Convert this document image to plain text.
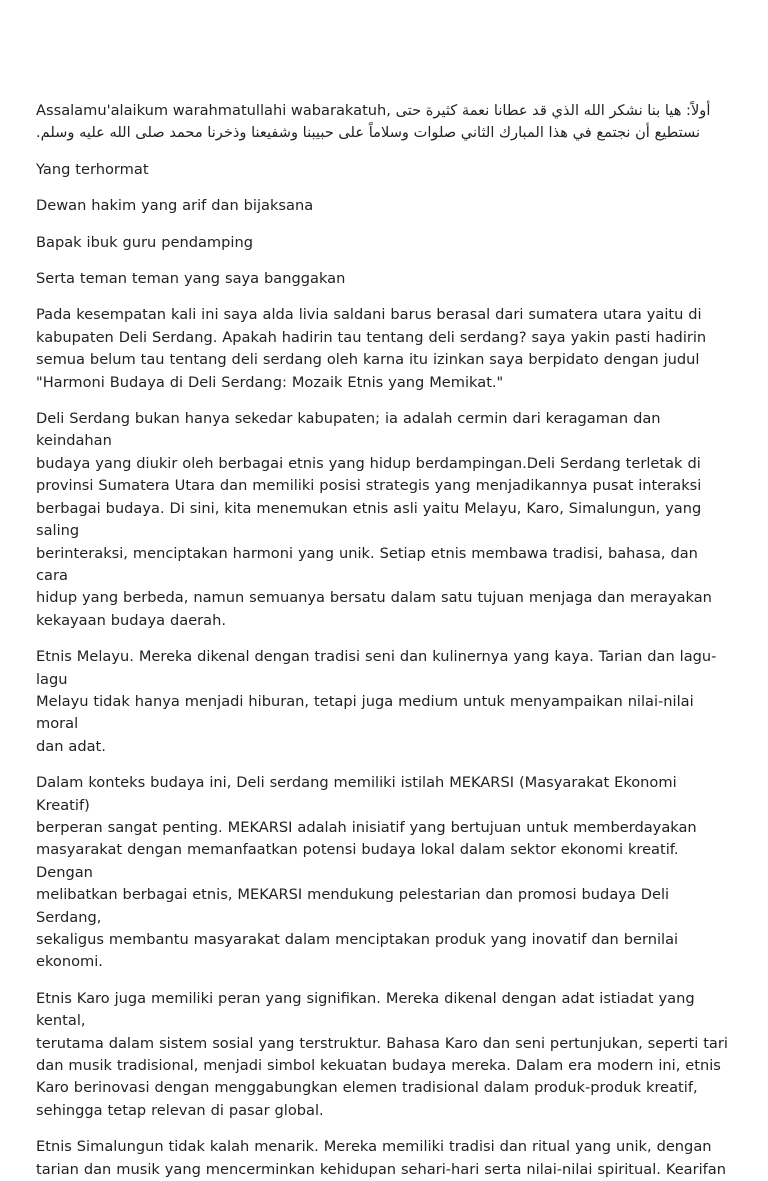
Assalamu'alaikum warahmatullahi wabarakatuh, أولاً: هيا بنا نشكر الله الذي قد عطانا نعمة كثيرة حتى
نستطيع أن نجتمع في هذا المبارك الثاني صلوات وسلاماً على حبيبنا وشفيعنا وذخرنا محمد صلى الله عليه وسلم.

Yang terhormat

Dewan hakim yang arif dan bijaksana

Bapak ibuk guru pendamping

Serta teman teman yang saya banggakan

Pada kesempatan kali ini saya alda livia saldani barus berasal dari sumatera utara yaitu di
kabupaten Deli Serdang. Apakah hadirin tau tentang deli serdang? saya yakin pasti hadirin
semua belum tau tentang deli serdang oleh karna itu izinkan saya berpidato dengan judul
"Harmoni Budaya di Deli Serdang: Mozaik Etnis yang Memikat."

Deli Serdang bukan hanya sekedar kabupaten; ia adalah cermin dari keragaman dan keindahan
budaya yang diukir oleh berbagai etnis yang hidup berdampingan.Deli Serdang terletak di
provinsi Sumatera Utara dan memiliki posisi strategis yang menjadikannya pusat interaksi
berbagai budaya. Di sini, kita menemukan etnis asli yaitu Melayu, Karo, Simalungun, yang saling
berinteraksi, menciptakan harmoni yang unik. Setiap etnis membawa tradisi, bahasa, dan cara
hidup yang berbeda, namun semuanya bersatu dalam satu tujuan menjaga dan merayakan
kekayaan budaya daerah.

Etnis Melayu. Mereka dikenal dengan tradisi seni dan kulinernya yang kaya. Tarian dan lagu-lagu
Melayu tidak hanya menjadi hiburan, tetapi juga medium untuk menyampaikan nilai-nilai moral
dan adat.

Dalam konteks budaya ini, Deli serdang memiliki istilah MEKARSI (Masyarakat Ekonomi Kreatif)
berperan sangat penting. MEKARSI adalah inisiatif yang bertujuan untuk memberdayakan
masyarakat dengan memanfaatkan potensi budaya lokal dalam sektor ekonomi kreatif. Dengan
melibatkan berbagai etnis, MEKARSI mendukung pelestarian dan promosi budaya Deli Serdang,
sekaligus membantu masyarakat dalam menciptakan produk yang inovatif dan bernilai
ekonomi.

Etnis Karo juga memiliki peran yang signifikan. Mereka dikenal dengan adat istiadat yang kental,
terutama dalam sistem sosial yang terstruktur. Bahasa Karo dan seni pertunjukan, seperti tari
dan musik tradisional, menjadi simbol kekuatan budaya mereka. Dalam era modern ini, etnis
Karo berinovasi dengan menggabungkan elemen tradisional dalam produk-produk kreatif,
sehingga tetap relevan di pasar global.

Etnis Simalungun tidak kalah menarik. Mereka memiliki tradisi dan ritual yang unik, dengan
tarian dan musik yang mencerminkan kehidupan sehari-hari serta nilai-nilai spiritual. Kearifan
